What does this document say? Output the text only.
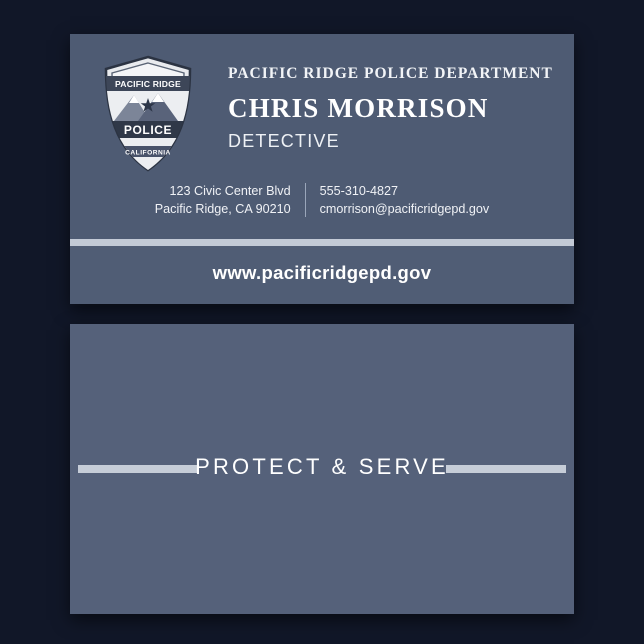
PACIFIC RIDGE
POLICE
CALIFORNIA
PACIFIC RIDGE POLICE DEPARTMENT
CHRIS MORRISON
DETECTIVE
123 Civic Center Blvd
Pacific Ridge, CA 90210
555-310-4827
cmorrison@pacificridgepd.gov
www.pacificridgepd.gov
PROTECT & SERVE
